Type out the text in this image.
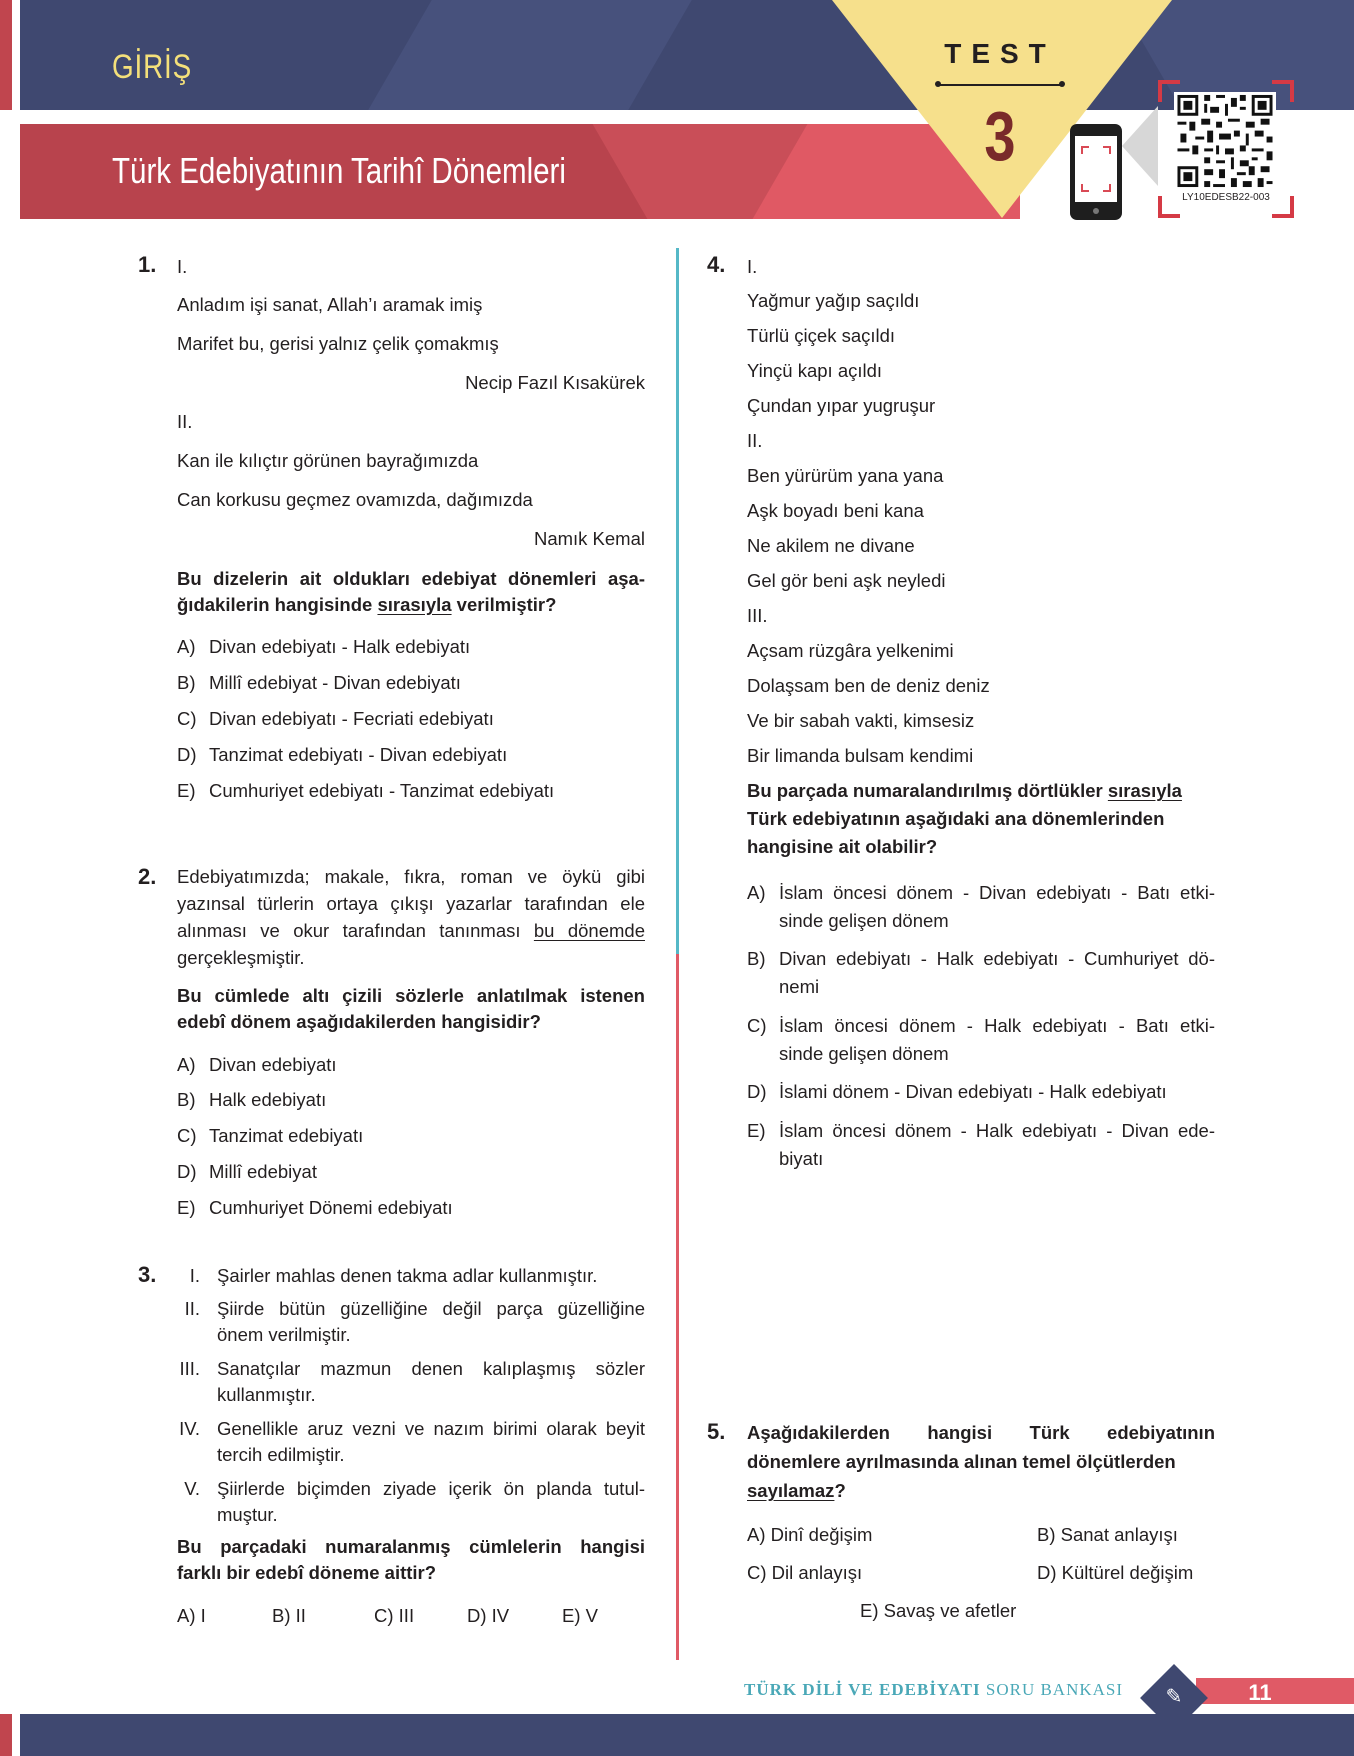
GİRİŞ
Türk Edebiyatının Tarihî Dönemleri
TEST
3
LY10EDESB22-003
1. I.
Anladım işi sanat, Allah’ı aramak imiş
Marifet bu, gerisi yalnız çelik çomakmış
Necip Fazıl Kısakürek
II.
Kan ile kılıçtır görünen bayrağımızda
Can korkusu geçmez ovamızda, dağımızda
Namık Kemal
Bu dizelerin ait oldukları edebiyat dönemleri aşa-
ğıdakilerin hangisinde sırasıyla verilmiştir?
A) Divan edebiyatı - Halk edebiyatı
B) Millî edebiyat - Divan edebiyatı
C) Divan edebiyatı - Fecriati edebiyatı
D) Tanzimat edebiyatı - Divan edebiyatı
E) Cumhuriyet edebiyatı - Tanzimat edebiyatı
2. Edebiyatımızda; makale, fıkra, roman ve öykü gibi
yazınsal türlerin ortaya çıkışı yazarlar tarafından ele
alınması ve okur tarafından tanınması bu dönemde
gerçekleşmiştir.
Bu cümlede altı çizili sözlerle anlatılmak istenen
edebî dönem aşağıdakilerden hangisidir?
A) Divan edebiyatı
B) Halk edebiyatı
C) Tanzimat edebiyatı
D) Millî edebiyat
E) Cumhuriyet Dönemi edebiyatı
3.	I. Şairler mahlas denen takma adlar kullanmıştır.
II. Şiirde bütün güzelliğine değil parça güzelliğine
önem verilmiştir.
III. Sanatçılar mazmun denen kalıplaşmış sözler
kullanmıştır.
IV. Genellikle aruz vezni ve nazım birimi olarak beyit
tercih edilmiştir.
V. Şiirlerde biçimden ziyade içerik ön planda tutul-
muştur.
Bu parçadaki numaralanmış cümlelerin hangisi
farklı bir edebî döneme aittir?
A) I	B) II	C) III	D) IV	E) V
4. I.
Yağmur yağıp saçıldı
Türlü çiçek saçıldı
Yinçü kapı açıldı
Çundan yıpar yugruşur
II.
Ben yürürüm yana yana
Aşk boyadı beni kana
Ne akilem ne divane
Gel gör beni aşk neyledi
III.
Açsam rüzgâra yelkenimi
Dolaşsam ben de deniz deniz
Ve bir sabah vakti, kimsesiz
Bir limanda bulsam kendimi
Bu parçada numaralandırılmış dörtlükler sırasıyla
Türk edebiyatının aşağıdaki ana dönemlerinden
hangisine ait olabilir?
A) İslam öncesi dönem - Divan edebiyatı - Batı etki-
sinde gelişen dönem
B) Divan edebiyatı - Halk edebiyatı - Cumhuriyet dö-
nemi
C) İslam öncesi dönem - Halk edebiyatı - Batı etki-
sinde gelişen dönem
D) İslami dönem - Divan edebiyatı - Halk edebiyatı
E) İslam öncesi dönem - Halk edebiyatı - Divan ede-
biyatı
5. Aşağıdakilerden hangisi Türk edebiyatının
dönemlere ayrılmasında alınan temel ölçütlerden
sayılamaz?
A) Dinî değişim	B) Sanat anlayışı
C) Dil anlayışı	D) Kültürel değişim
E) Savaş ve afetler
TÜRK DİLİ VE EDEBİYATI SORU BANKASI ✎	11
